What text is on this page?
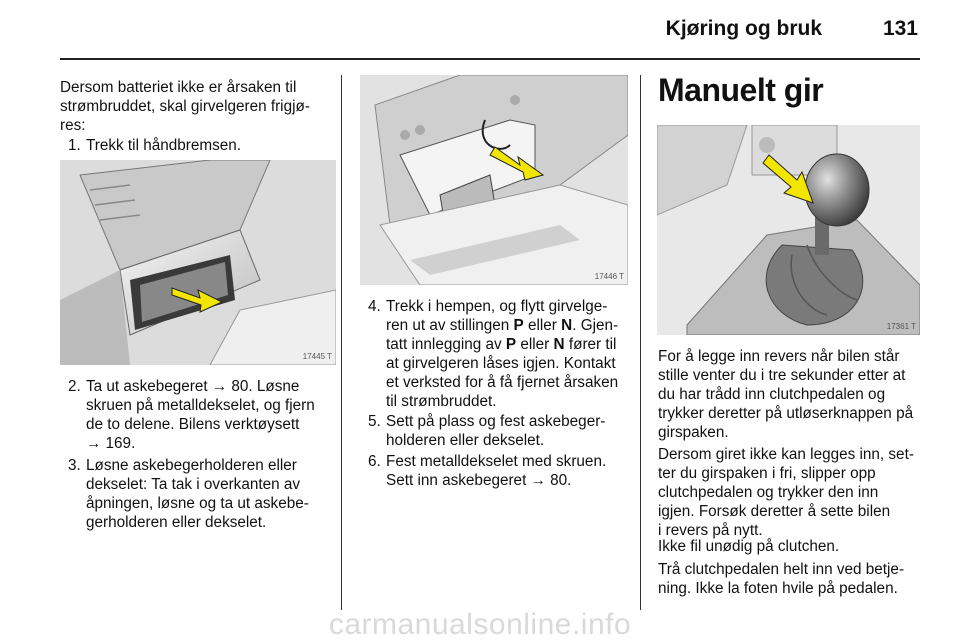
Kjøring og bruk	131

Dersom batteriet ikke er årsaken til

strømbruddet, skal girvelgeren frigjø-

res:

1. Trekk til håndbremsen.
17445 T
2. Ta ut askebegeret → 80. Løsne

skruen på metalldekselet, og fjern

de to delene. Bilens verktøysett

→ 169.

3. Løsne askebegerholderen eller

dekselet: Ta tak i overkanten av

åpningen, løsne og ta ut askebe-

gerholderen eller dekselet.

17446 T
4. Trekk i hempen, og flytt girvelge-

ren ut av stillingen P eller N. Gjen-

tatt innlegging av P eller N fører til

at girvelgeren låses igjen. Kontakt

et verksted for å få fjernet årsaken

til strømbruddet.

5. Sett på plass og fest askebeger-

holderen eller dekselet.

6. Fest metalldekselet med skruen.

Sett inn askebegeret → 80.

Manuelt gir
17361 T

For å legge inn revers når bilen står

stille venter du i tre sekunder etter at

du har trådd inn clutchpedalen og

trykker deretter på utløserknappen på

girspaken.

Dersom giret ikke kan legges inn, set-

ter du girspaken i fri, slipper opp

clutchpedalen og trykker den inn

igjen. Forsøk deretter å sette bilen

i revers på nytt.

Ikke fil unødig på clutchen.

Trå clutchpedalen helt inn ved betje-

ning. Ikke la foten hvile på pedalen.

carmanualsonline.info
